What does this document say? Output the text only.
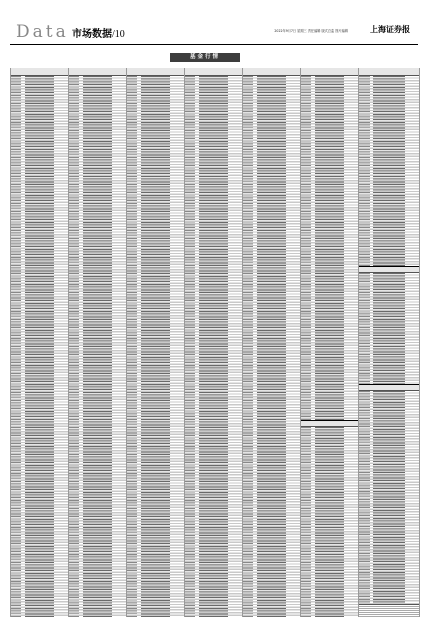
Data 市场数据/10	2022年9月7日 星期三 责任编辑 版式总监 图片编辑	上海证券报
基金行情
